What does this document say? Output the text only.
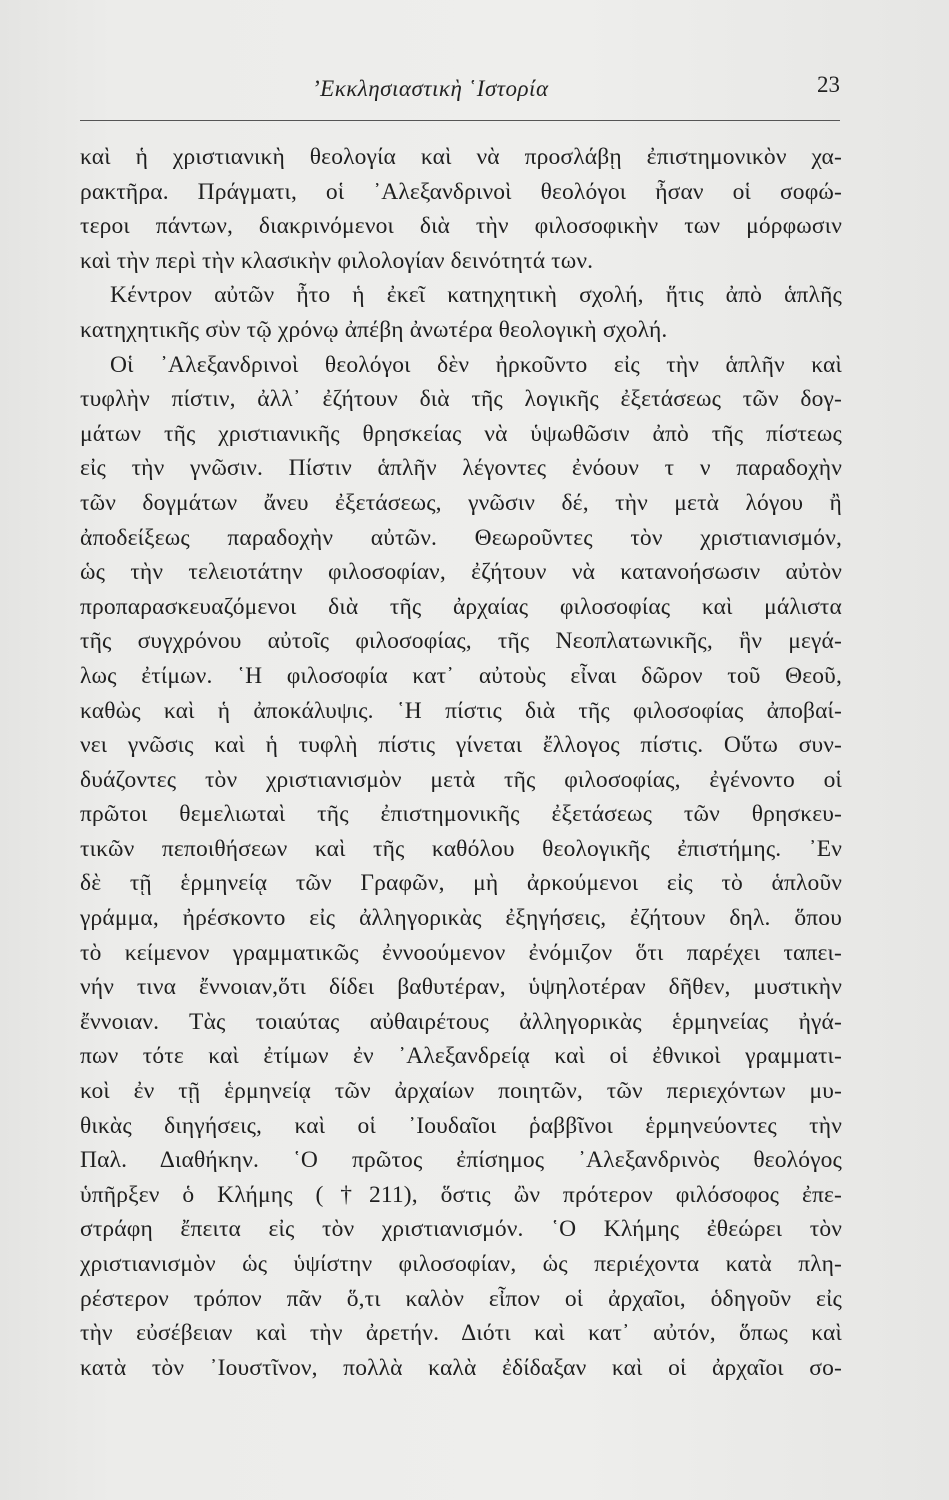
’Εκκλησιαστικὴ ῾Ιστορία	23
καὶ ἡ χριστιανικὴ θεολογία καὶ νὰ προσλάβῃ ἐπιστημονικὸν χα-
ρακτῆρα. Πράγματι, οἱ ᾿Αλεξανδρινοὶ θεολόγοι ἦσαν οἱ σοφώ-
τεροι πάντων, διακρινόμενοι διὰ τὴν φιλοσοφικὴν των μόρφωσιν
καὶ τὴν περὶ τὴν κλασικὴν φιλολογίαν δεινότητά των.
Κέντρον αὐτῶν ἦτο ἡ ἐκεῖ κατηχητικὴ σχολή, ἥτις ἀπὸ ἁπλῆς
κατηχητικῆς σὺν τῷ χρόνῳ ἀπέβη ἀνωτέρα θεολογικὴ σχολή.
Οἱ ᾿Αλεξανδρινοὶ θεολόγοι δὲν ἠρκοῦντο εἰς τὴν ἁπλῆν καὶ
τυφλὴν πίστιν, ἀλλ᾿ ἐζήτουν διὰ τῆς λογικῆς ἐξετάσεως τῶν δογ-
μάτων τῆς χριστιανικῆς θρησκείας νὰ ὑψωθῶσιν ἀπὸ τῆς πίστεως
εἰς τὴν γνῶσιν. Πίστιν ἁπλῆν λέγοντες ἐνόουν τ ν παραδοχὴν
τῶν δογμάτων ἄνευ ἐξετάσεως, γνῶσιν δέ, τὴν μετὰ λόγου ἢ
ἀποδείξεως παραδοχὴν αὐτῶν. Θεωροῦντες τὸν χριστιανισμόν,
ὡς τὴν τελειοτάτην φιλοσοφίαν, ἐζήτουν νὰ κατανοήσωσιν αὐτὸν
προπαρασκευαζόμενοι διὰ τῆς ἀρχαίας φιλοσοφίας καὶ μάλιστα
τῆς συγχρόνου αὐτοῖς φιλοσοφίας, τῆς Νεοπλατωνικῆς, ἣν μεγά-
λως ἐτίμων. ῾Η φιλοσοφία κατ᾿ αὐτοὺς εἶναι δῶρον τοῦ Θεοῦ,
καθὼς καὶ ἡ ἀποκάλυψις. ῾Η πίστις διὰ τῆς φιλοσοφίας ἀποβαί-
νει γνῶσις καὶ ἡ τυφλὴ πίστις γίνεται ἔλλογος πίστις. Οὕτω συν-
δυάζοντες τὸν χριστιανισμὸν μετὰ τῆς φιλοσοφίας, ἐγένοντο οἱ
πρῶτοι θεμελιωταὶ τῆς ἐπιστημονικῆς ἐξετάσεως τῶν θρησκευ-
τικῶν πεποιθήσεων καὶ τῆς καθόλου θεολογικῆς ἐπιστήμης. ᾿Εν
δὲ τῇ ἑρμηνείᾳ τῶν Γραφῶν, μὴ ἀρκούμενοι εἰς τὸ ἁπλοῦν
γράμμα, ἠρέσκοντο εἰς ἀλληγορικὰς ἐξηγήσεις, ἐζήτουν δηλ. ὅπου
τὸ κείμενον γραμματικῶς ἐννοούμενον ἐνόμιζον ὅτι παρέχει ταπει-
νήν τινα ἔννοιαν,ὅτι δίδει βαθυτέραν, ὑψηλοτέραν δῆθεν, μυστικὴν
ἔννοιαν. Τὰς τοιαύτας αὐθαιρέτους ἀλληγορικὰς ἑρμηνείας ἠγά-
πων τότε καὶ ἐτίμων ἐν ᾿Αλεξανδρείᾳ καὶ οἱ ἐθνικοὶ γραμματι-
κοὶ ἐν τῇ ἑρμηνείᾳ τῶν ἀρχαίων ποιητῶν, τῶν περιεχόντων μυ-
θικὰς διηγήσεις, καὶ οἱ ᾿Ιουδαῖοι ῥαββῖνοι ἑρμηνεύοντες τὴν
Παλ. Διαθήκην. ῾Ο πρῶτος ἐπίσημος ᾿Αλεξανδρινὸς θεολόγος
ὑπῆρξεν ὁ Κλήμης (†211), ὅστις ὢν πρότερον φιλόσοφος ἐπε-
στράφη ἔπειτα εἰς τὸν χριστιανισμόν. ῾Ο Κλήμης ἐθεώρει τὸν
χριστιανισμὸν ὡς ὑψίστην φιλοσοφίαν, ὡς περιέχοντα κατὰ πλη-
ρέστερον τρόπον πᾶν ὅ,τι καλὸν εἶπον οἱ ἀρχαῖοι, ὁδηγοῦν εἰς
τὴν εὐσέβειαν καὶ τὴν ἀρετήν. Διότι καὶ κατ᾿ αὐτόν, ὅπως καὶ
κατὰ τὸν ᾿Ιουστῖνον, πολλὰ καλὰ ἐδίδαξαν καὶ οἱ ἀρχαῖοι σο-
